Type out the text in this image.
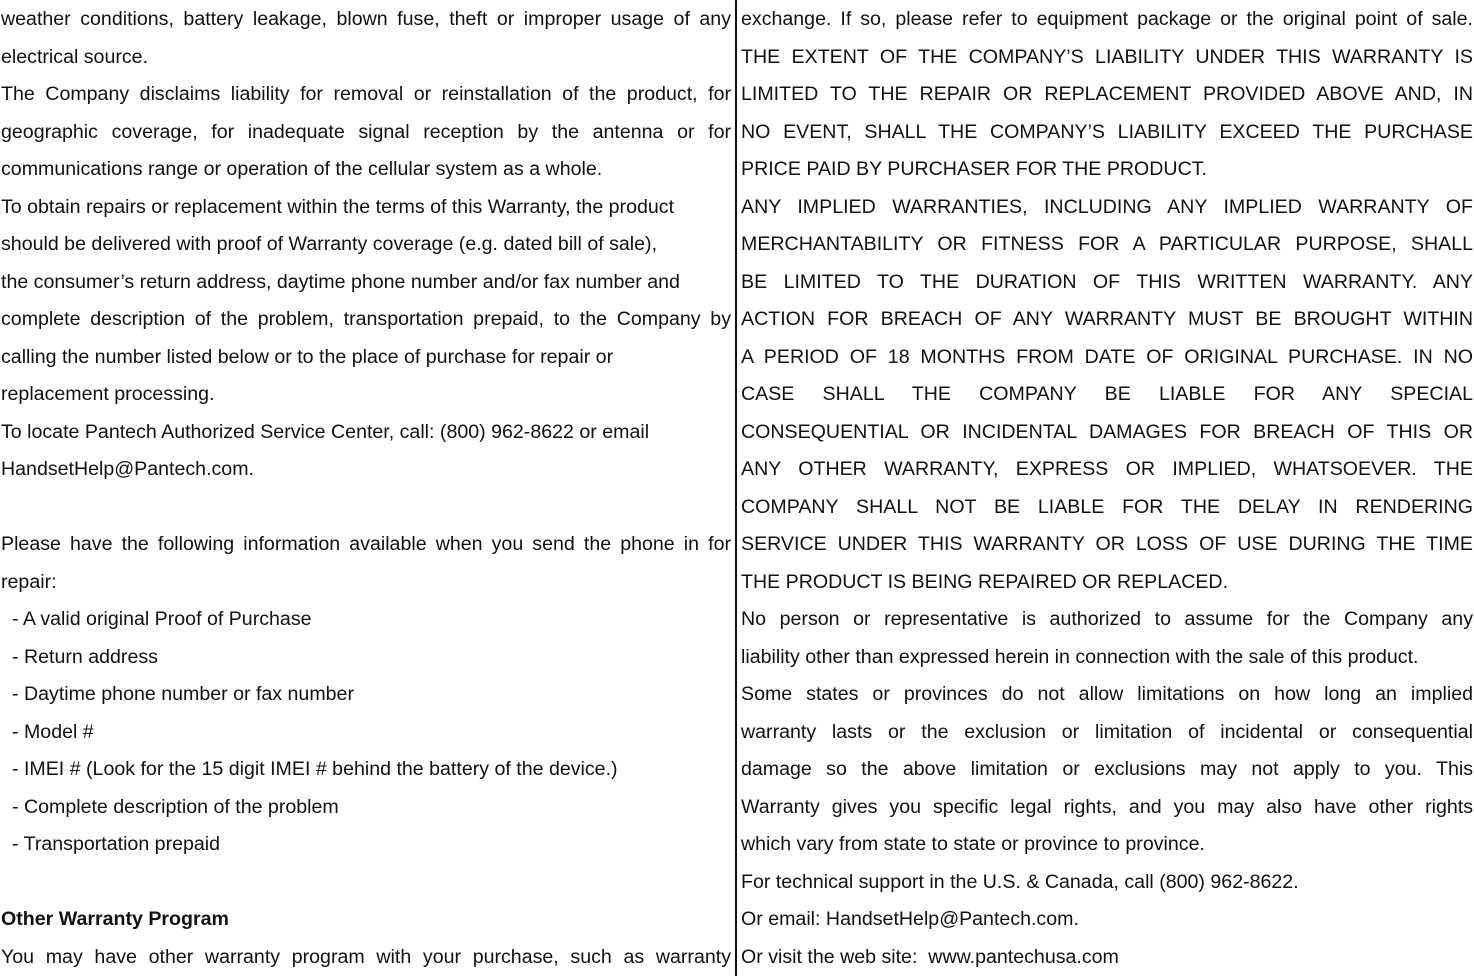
weather conditions, battery leakage, blown fuse, theft or improper usage of any

electrical source.

The Company disclaims liability for removal or reinstallation of the product, for

geographic coverage, for inadequate signal reception by the antenna or for

communications range or operation of the cellular system as a whole.

To obtain repairs or replacement within the terms of this Warranty, the product

should be delivered with proof of Warranty coverage (e.g. dated bill of sale),

the consumer’s return address, daytime phone number and/or fax number and

complete description of the problem, transportation prepaid, to the Company by

calling the number listed below or to the place of purchase for repair or

replacement processing.

To locate Pantech Authorized Service Center, call: (800) 962-8622 or email

HandsetHelp@Pantech.com.

Please have the following information available when you send the phone in for

repair:

- A valid original Proof of Purchase

- Return address

- Daytime phone number or fax number

- Model #

- IMEI # (Look for the 15 digit IMEI # behind the battery of the device.)

- Complete description of the problem

- Transportation prepaid

Other Warranty Program

You may have other warranty program with your purchase, such as warranty

exchange. If so, please refer to equipment package or the original point of sale.

THE EXTENT OF THE COMPANY’S LIABILITY UNDER THIS WARRANTY IS

LIMITED TO THE REPAIR OR REPLACEMENT PROVIDED ABOVE AND, IN

NO EVENT, SHALL THE COMPANY’S LIABILITY EXCEED THE PURCHASE

PRICE PAID BY PURCHASER FOR THE PRODUCT.

ANY IMPLIED WARRANTIES, INCLUDING ANY IMPLIED WARRANTY OF

MERCHANTABILITY OR FITNESS FOR A PARTICULAR PURPOSE, SHALL

BE LIMITED TO THE DURATION OF THIS WRITTEN WARRANTY. ANY

ACTION FOR BREACH OF ANY WARRANTY MUST BE BROUGHT WITHIN

A PERIOD OF 18 MONTHS FROM DATE OF ORIGINAL PURCHASE. IN NO

CASE SHALL THE COMPANY BE LIABLE FOR ANY SPECIAL

CONSEQUENTIAL OR INCIDENTAL DAMAGES FOR BREACH OF THIS OR

ANY OTHER WARRANTY, EXPRESS OR IMPLIED, WHATSOEVER. THE

COMPANY SHALL NOT BE LIABLE FOR THE DELAY IN RENDERING

SERVICE UNDER THIS WARRANTY OR LOSS OF USE DURING THE TIME

THE PRODUCT IS BEING REPAIRED OR REPLACED.

No person or representative is authorized to assume for the Company any

liability other than expressed herein in connection with the sale of this product.

Some states or provinces do not allow limitations on how long an implied

warranty lasts or the exclusion or limitation of incidental or consequential

damage so the above limitation or exclusions may not apply to you. This

Warranty gives you specific legal rights, and you may also have other rights

which vary from state to state or province to province.

For technical support in the U.S. & Canada, call (800) 962-8622.

Or email: HandsetHelp@Pantech.com.

Or visit the web site:  www.pantechusa.com
